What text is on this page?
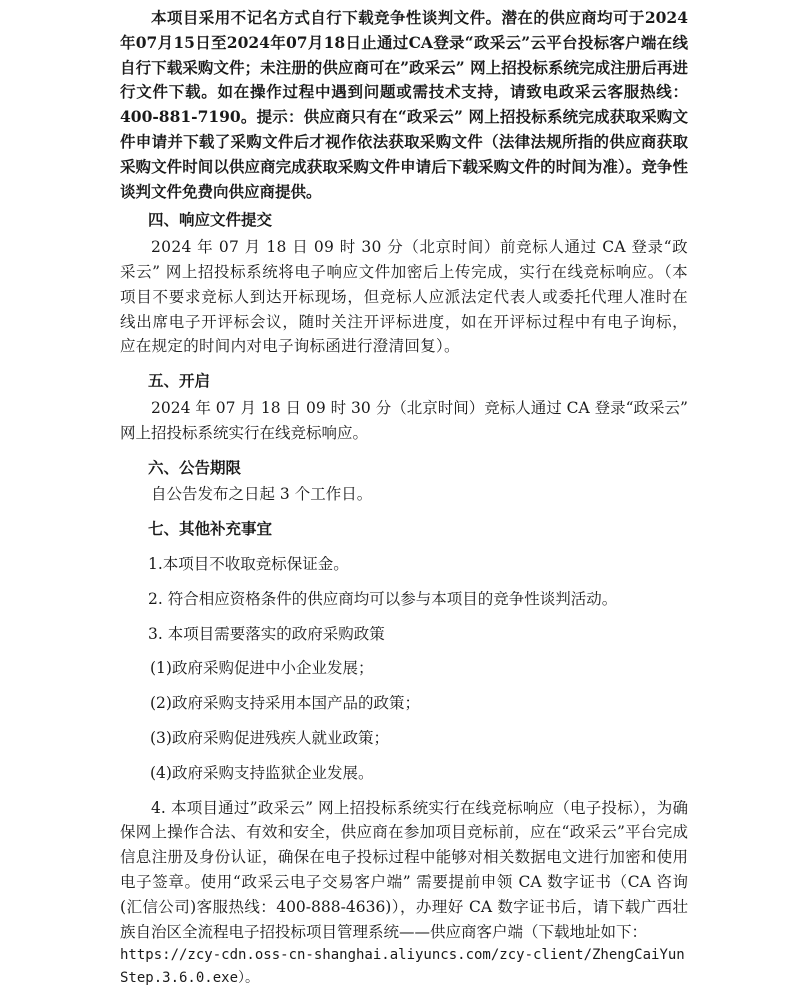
本项目采用不记名方式自行下载竞争性谈判文件。潜在的供应商均可于2024年07月15日至2024年07月18日止通过CA登录“政采云”云平台投标客户端在线自行下载采购文件；未注册的供应商可在”政采云” 网上招投标系统完成注册后再进行文件下载。如在操作过程中遇到问题或需技术支持，请致电政采云客服热线：400-881-7190。提示：供应商只有在“政采云” 网上招投标系统完成获取采购文件申请并下载了采购文件后才视作依法获取采购文件（法律法规所指的供应商获取采购文件时间以供应商完成获取采购文件申请后下载采购文件的时间为准）。竞争性谈判文件免费向供应商提供。

四、响应文件提交

2024 年 07 月 18 日 09 时 30 分（北京时间）前竞标人通过 CA 登录“政采云” 网上招投标系统将电子响应文件加密后上传完成，实行在线竞标响应。（本项目不要求竞标人到达开标现场，但竞标人应派法定代表人或委托代理人准时在线出席电子开评标会议，随时关注开评标进度，如在开评标过程中有电子询标，应在规定的时间内对电子询标函进行澄清回复）。

五、开启

2024 年 07 月 18 日 09 时 30 分（北京时间）竞标人通过 CA 登录“政采云” 网上招投标系统实行在线竞标响应。

六、公告期限

自公告发布之日起 3 个工作日。

七、其他补充事宜

1.本项目不收取竞标保证金。

2. 符合相应资格条件的供应商均可以参与本项目的竞争性谈判活动。

3. 本项目需要落实的政府采购政策

(1)政府采购促进中小企业发展；

(2)政府采购支持采用本国产品的政策；

(3)政府采购促进残疾人就业政策；

(4)政府采购支持监狱企业发展。

4. 本项目通过”政采云” 网上招投标系统实行在线竞标响应（电子投标），为确保网上操作合法、有效和安全，供应商在参加项目竞标前，应在“政采云”平台完成信息注册及身份认证，确保在电子投标过程中能够对相关数据电文进行加密和使用电子签章。使用“政采云电子交易客户端” 需要提前申领 CA 数字证书（CA 咨询(汇信公司)客服热线：400-888-4636)），办理好 CA 数字证书后，请下载广西壮族自治区全流程电子招投标项目管理系统——供应商客户端（下载地址如下：

https://zcy-cdn.oss-cn-shanghai.aliyuncs.com/zcy-client/ZhengCaiYunStep.3.6.0.exe）。
